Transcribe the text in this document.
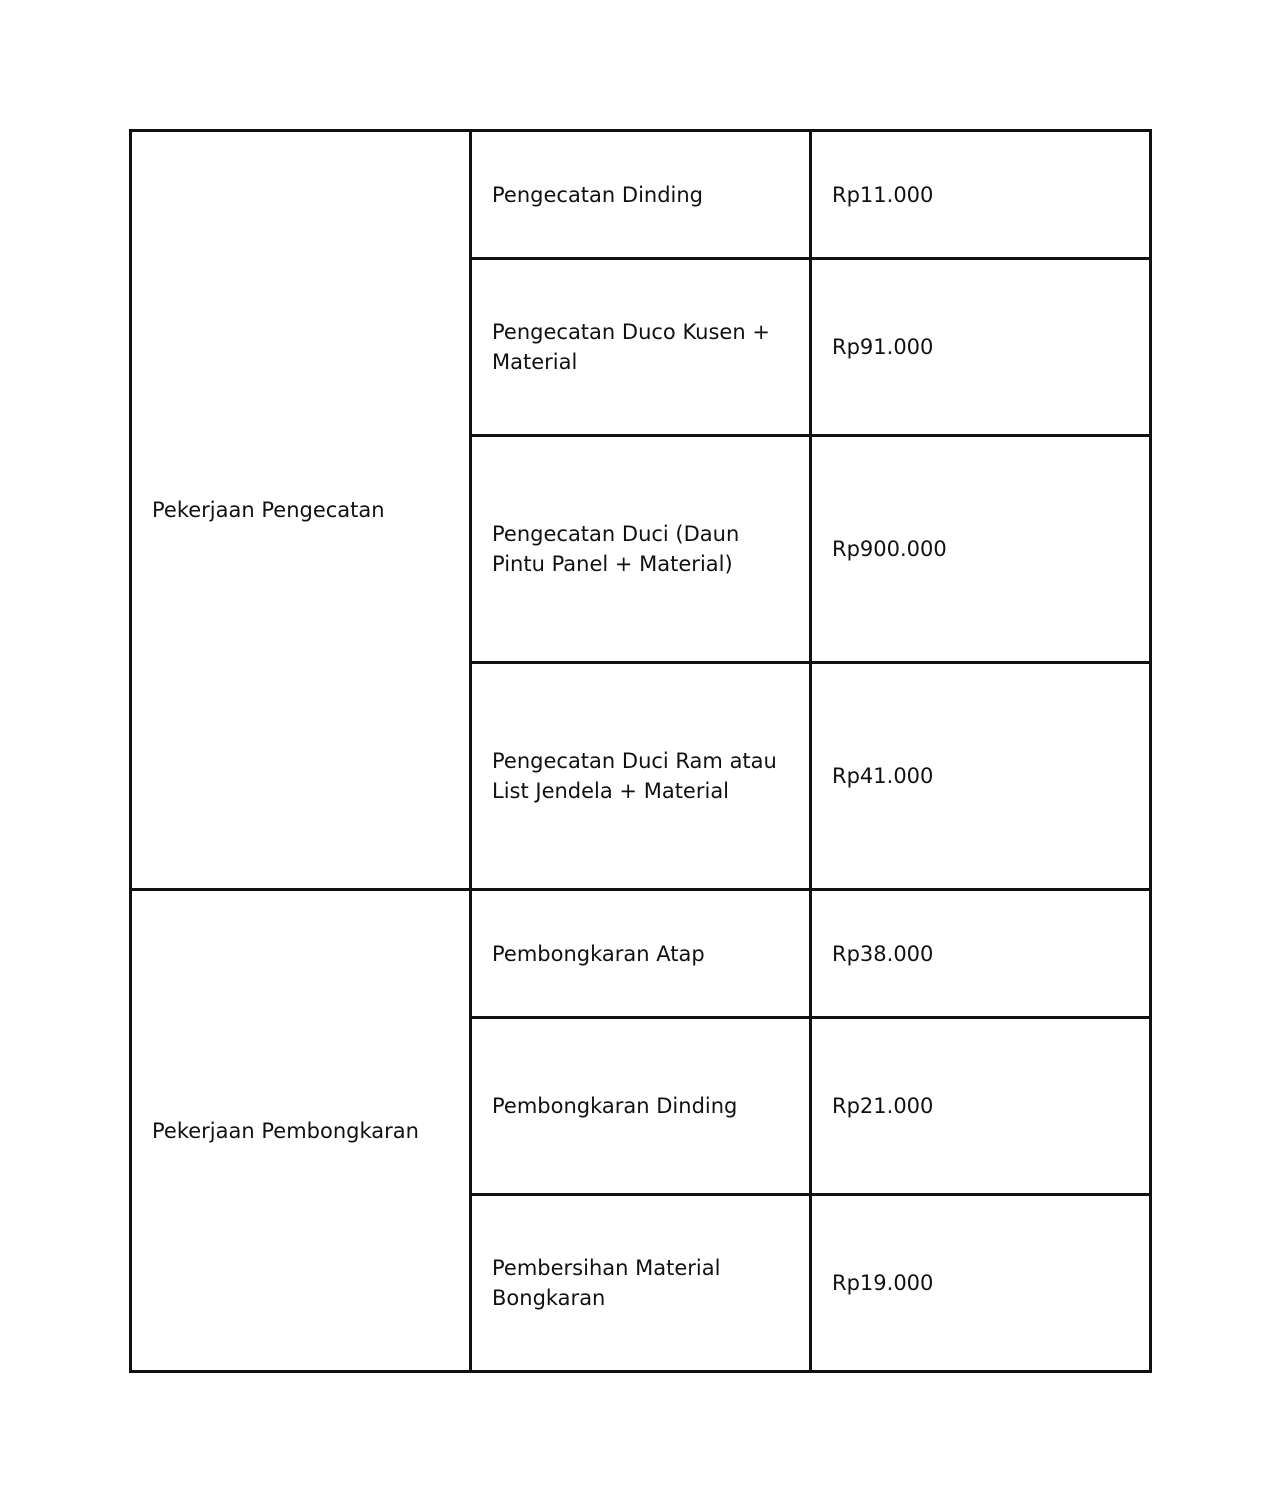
Pekerjaan Pengecatan	Pengecatan Dinding	Rp11.000
	Pengecatan Duco Kusen + Material	Rp91.000
	Pengecatan Duci (Daun Pintu Panel + Material)	Rp900.000
	Pengecatan Duci Ram atau List Jendela + Material	Rp41.000
Pekerjaan Pembongkaran	Pembongkaran Atap	Rp38.000
	Pembongkaran Dinding	Rp21.000
	Pembersihan Material Bongkaran	Rp19.000
